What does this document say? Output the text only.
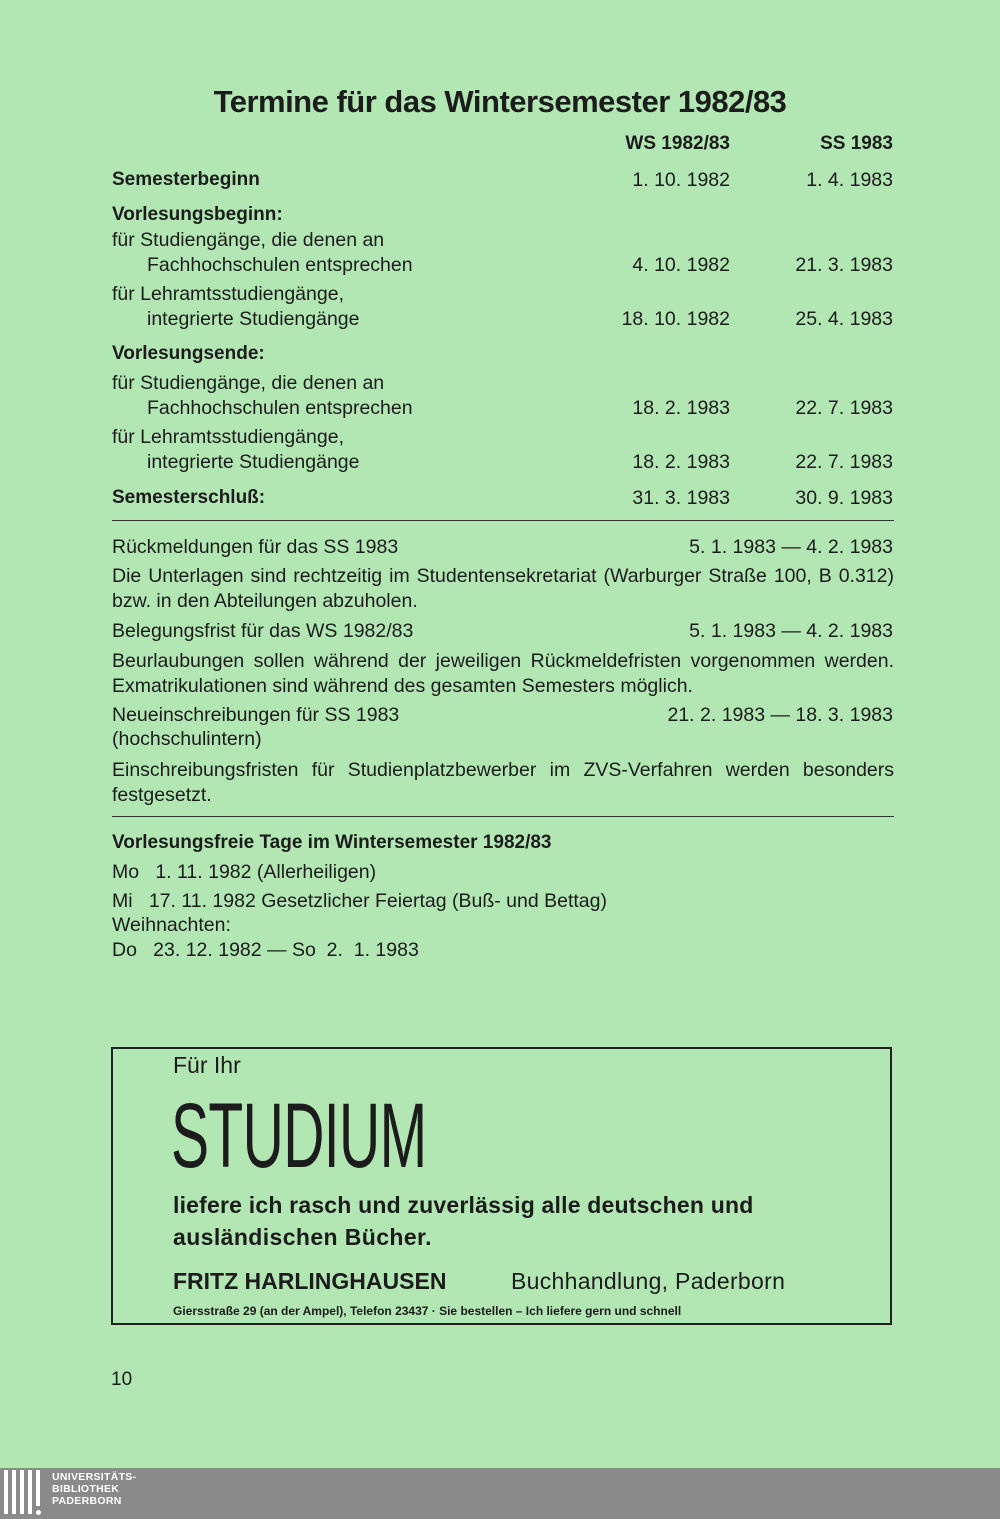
Termine für das Wintersemester 1982/83
WS 1982/83	SS 1983
Semesterbeginn	1. 10. 1982	1. 4. 1983
Vorlesungsbeginn:
für Studiengänge, die denen an
Fachhochschulen entsprechen	4. 10. 1982	21. 3. 1983
für Lehramtsstudiengänge,
integrierte Studiengänge	18. 10. 1982	25. 4. 1983
Vorlesungsende:
für Studiengänge, die denen an
Fachhochschulen entsprechen	18. 2. 1983	22. 7. 1983
für Lehramtsstudiengänge,
integrierte Studiengänge	18. 2. 1983	22. 7. 1983
Semesterschluß:	31. 3. 1983	30. 9. 1983
Rückmeldungen für das SS 1983	5. 1. 1983 — 4. 2. 1983
Die Unterlagen sind rechtzeitig im Studentensekretariat (Warburger Straße 100, B 0.312) bzw. in den Abteilungen abzuholen.
Belegungsfrist für das WS 1982/83	5. 1. 1983 — 4. 2. 1983
Beurlaubungen sollen während der jeweiligen Rückmeldefristen vorgenommen werden. Exmatrikulationen sind während des gesamten Semesters möglich.
Neueinschreibungen für SS 1983	21. 2. 1983 — 18. 3. 1983
(hochschulintern)
Einschreibungsfristen für Studienplatzbewerber im ZVS-Verfahren werden besonders festgesetzt.
Vorlesungsfreie Tage im Wintersemester 1982/83
Mo   1. 11. 1982 (Allerheiligen)
Mi   17. 11. 1982 Gesetzlicher Feiertag (Buß- und Bettag)
Weihnachten:
Do   23. 12. 1982 — So  2.  1. 1983
Für Ihr
STUDIUM
liefere ich rasch und zuverlässig alle deutschen und
ausländischen Bücher.
FRITZ HARLINGHAUSEN	Buchhandlung, Paderborn
Giersstraße 29 (an der Ampel), Telefon 23437 · Sie bestellen – Ich liefere gern und schnell
10
UNIVERSITÄTS-
BIBLIOTHEK
PADERBORN
